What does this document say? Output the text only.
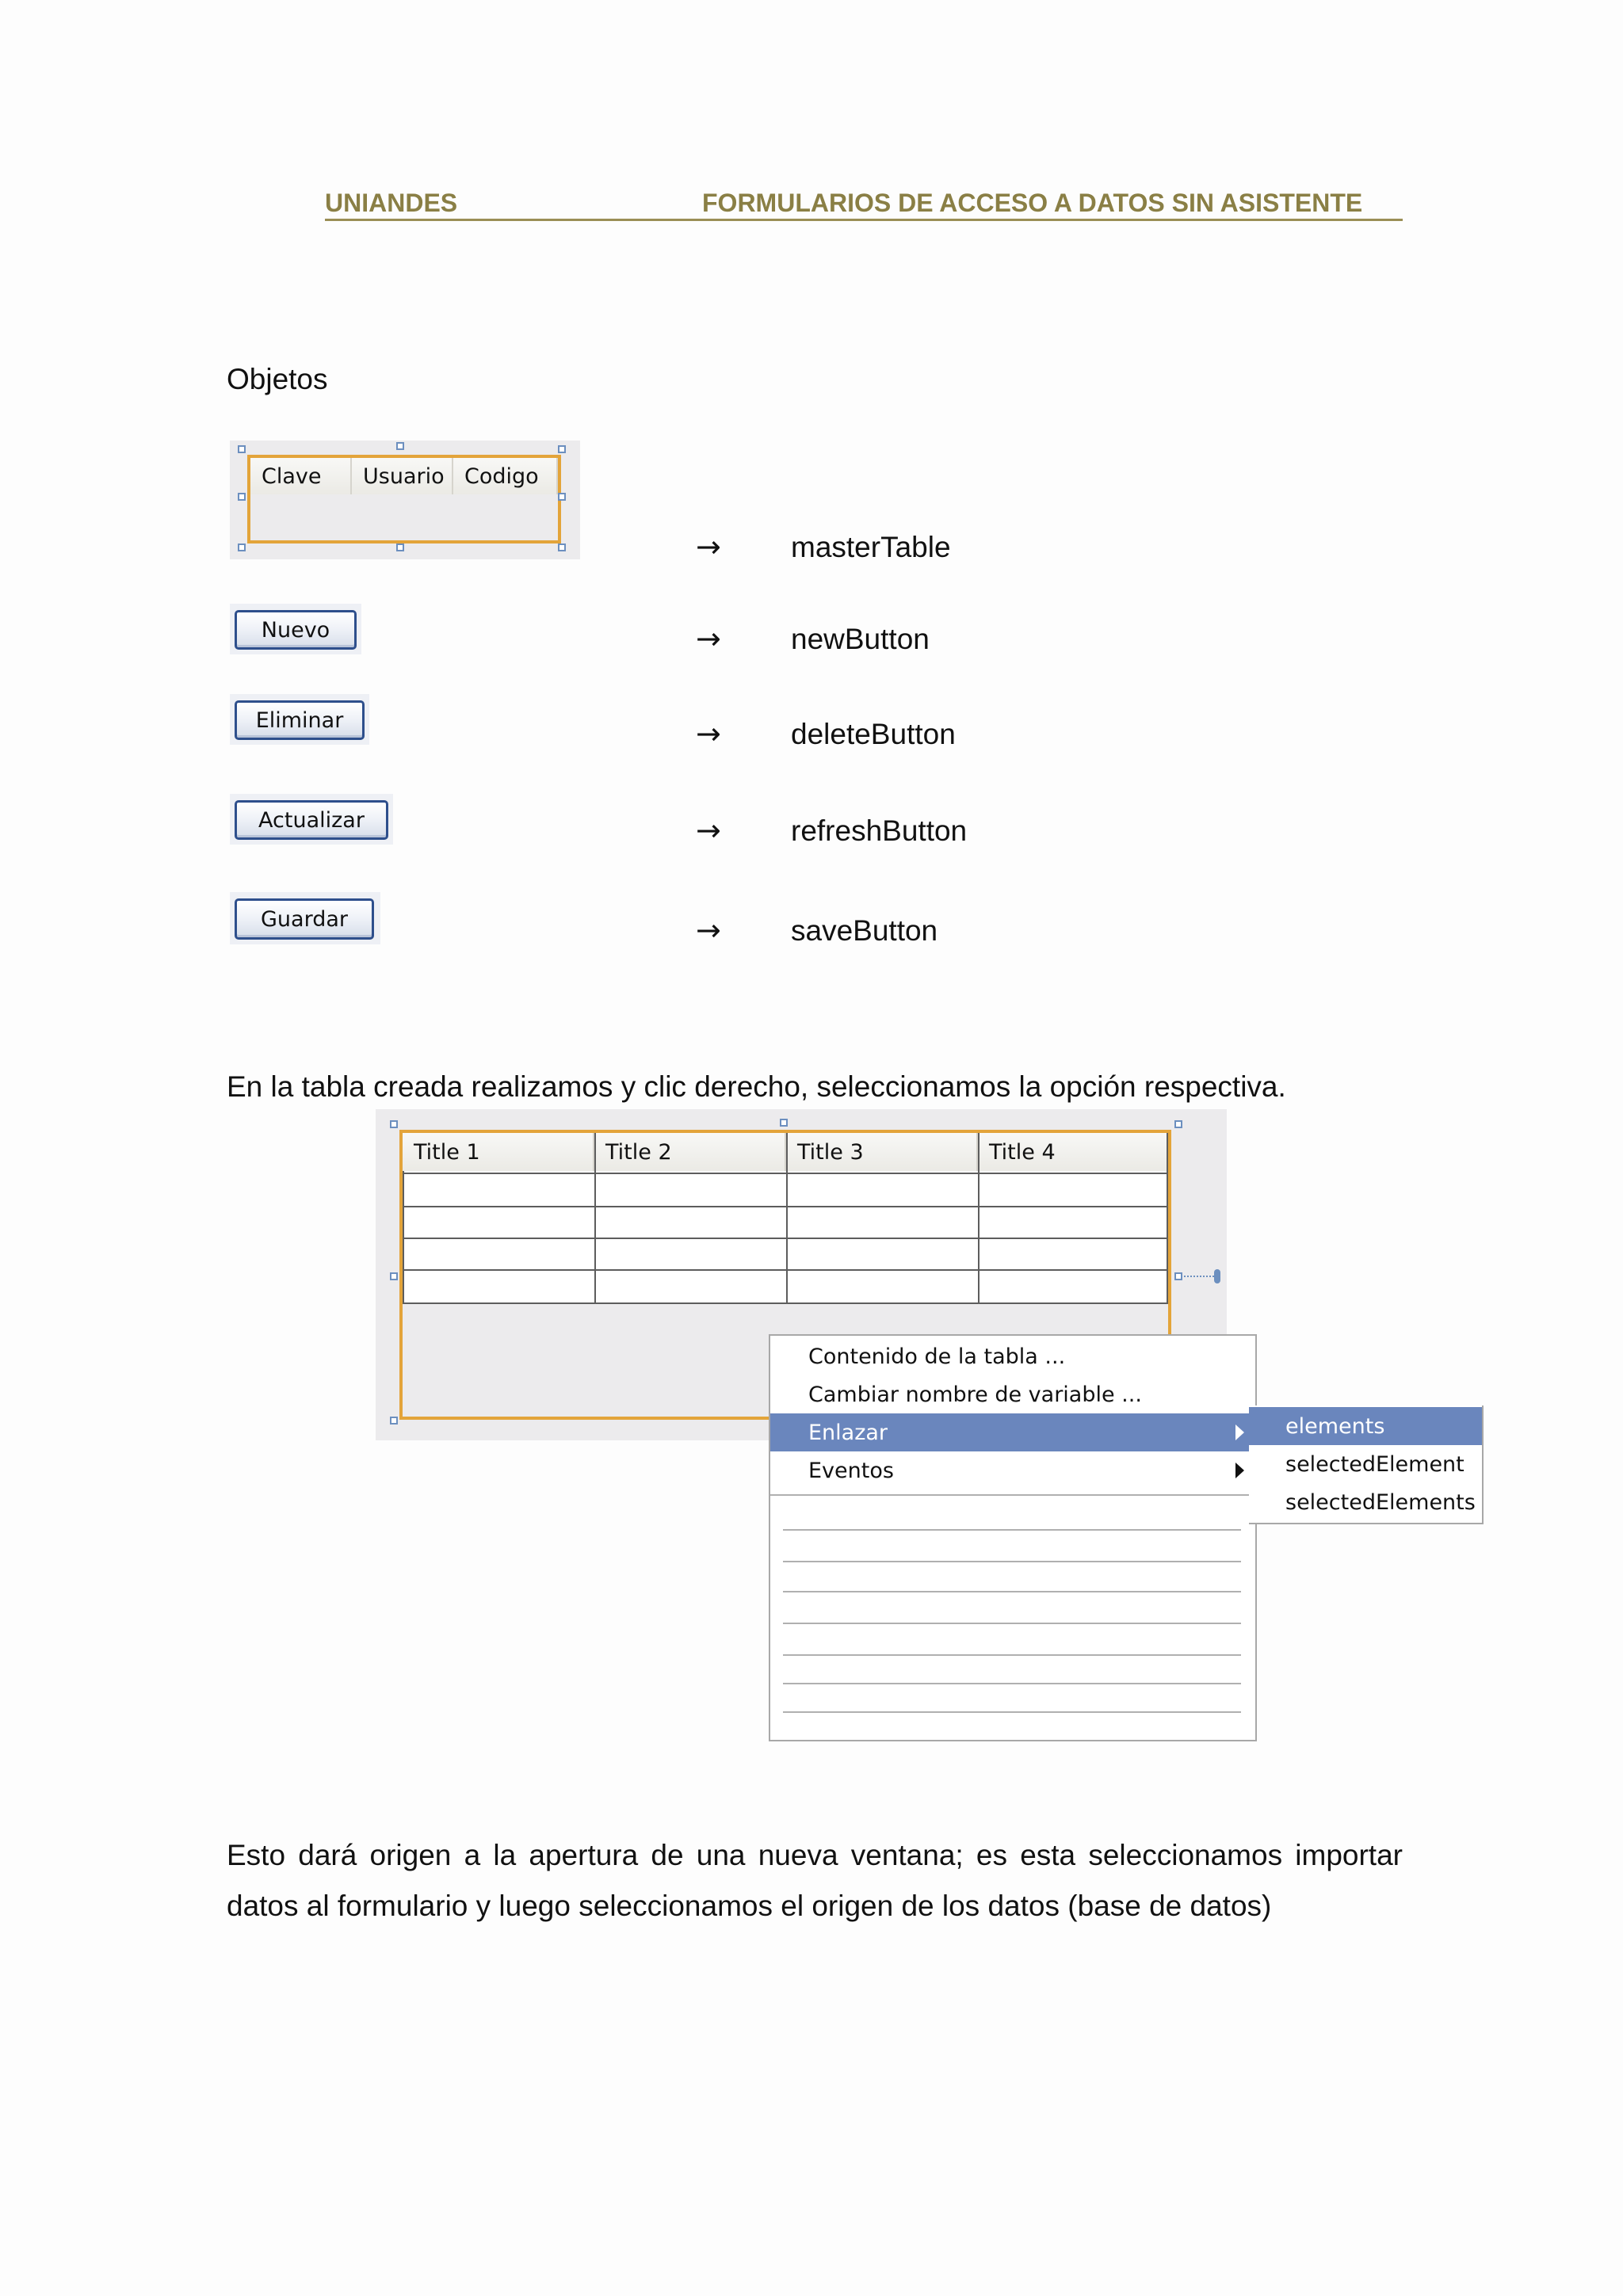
UNIANDES	FORMULARIOS DE ACCESO A DATOS SIN ASISTENTE
Objetos
Clave	Usuario Codigo
→ masterTable
Nuevo	→ newButton
Eliminar	→ deleteButton
Actualizar	→ refreshButton
Guardar	→ saveButton
En la tabla creada realizamos y clic derecho, seleccionamos la opción respectiva.
Title 1	Title 2	Title 3	Title 4
Contenido de la tabla ...
Cambiar nombre de variable ...
Enlazar
Eventos
elements
selectedElement
selectedElements
Esto dará origen a la apertura de una nueva ventana; es esta seleccionamos importar
datos al formulario y luego seleccionamos el origen de los datos (base de datos)
